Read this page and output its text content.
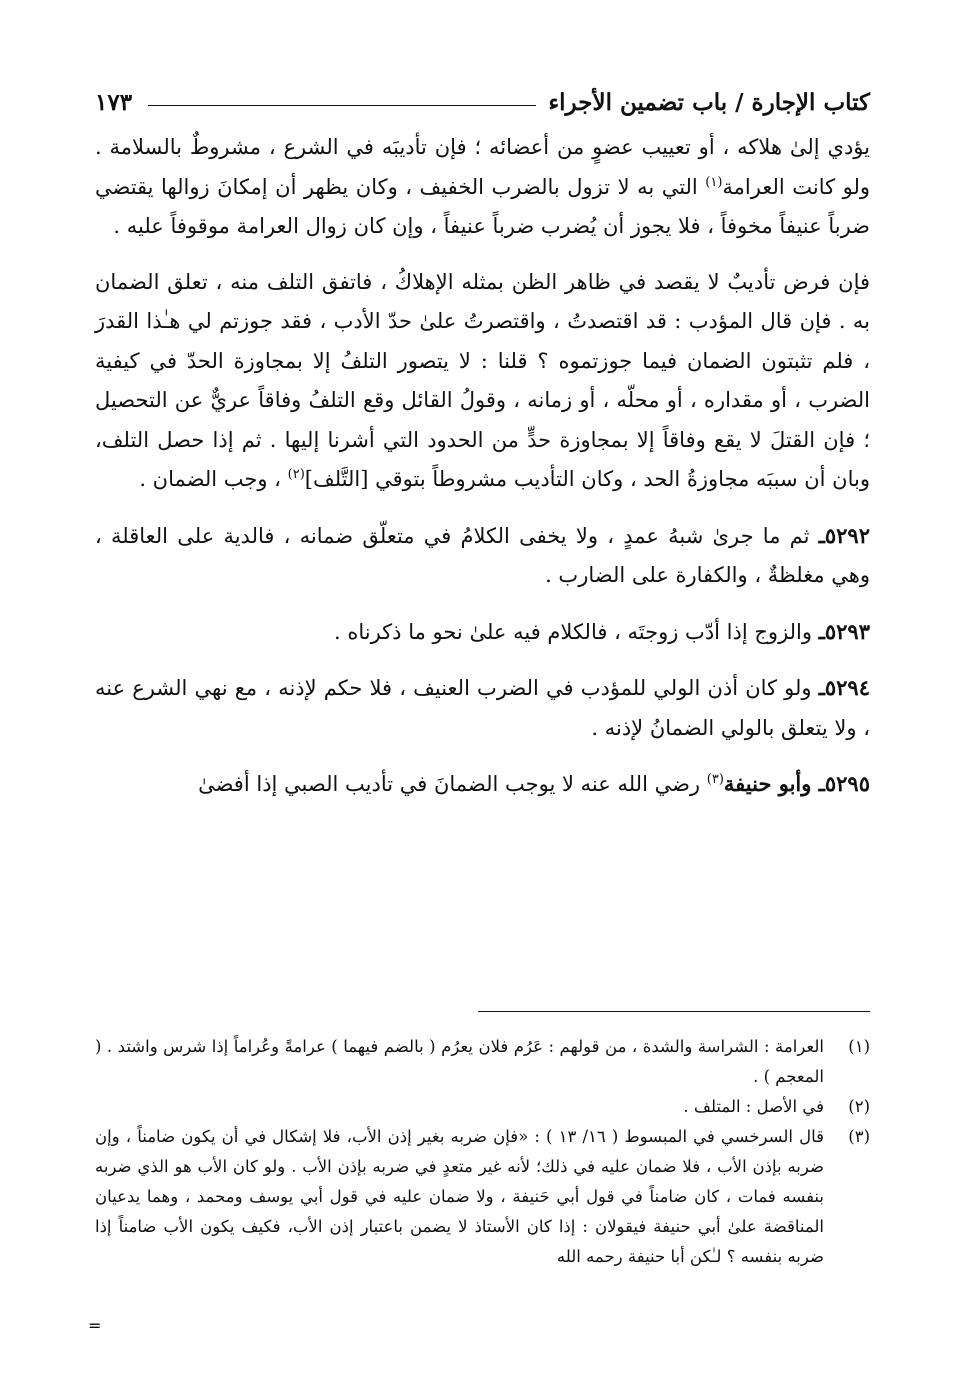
كتاب الإجارة / باب تضمين الأجراء
١٧٣

يؤدي إلىٰ هلاكه ، أو تعييب عضوٍ من أعضائه ؛ فإن تأديبَه في الشرع ، مشروطٌ بالسلامة . ولو كانت العرامة$^{(١)}$ التي به لا تزول بالضرب الخفيف ، وكان يظهر أن إمكانَ زوالها يقتضي ضرباً عنيفاً مخوفاً ، فلا يجوز أن يُضرب ضرباً عنيفاً ، وإن كان زوال العرامة موقوفاً عليه .

فإن فرض تأديبٌ لا يقصد في ظاهر الظن بمثله الإهلاكُ ، فاتفق التلف منه ، تعلق الضمان به . فإن قال المؤدب : قد اقتصدتُ ، واقتصرتُ علىٰ حدّ الأدب ، فقد جوزتم لي هـٰذا القدرَ ، فلم تثبتون الضمان فيما جوزتموه ؟ قلنا : لا يتصور التلفُ إلا بمجاوزة الحدّ في كيفية الضرب ، أو مقداره ، أو محلّه ، أو زمانه ، وقولُ القائل وقع التلفُ وفاقاً عريٌّ عن التحصيل ؛ فإن القتلَ لا يقع وفاقاً إلا بمجاوزة حدٍّ من الحدود التي أشرنا إليها . ثم إذا حصل التلف، وبان أن سببَه مجاوزةُ الحد ، وكان التأديب مشروطاً بتوقي [التَّلف]$^{(٢)}$ ، وجب الضمان .

٥٢٩٢ـ ثم ما جرىٰ شبهُ عمدٍ ، ولا يخفى الكلامُ في متعلّق ضمانه ، فالدية على العاقلة ، وهي مغلظةٌ ، والكفارة على الضارب .

٥٢٩٣ـ والزوج إذا أدّب زوجتَه ، فالكلام فيه علىٰ نحو ما ذكرناه .

٥٢٩٤ـ ولو كان أذن الولي للمؤدب في الضرب العنيف ، فلا حكم لإذنه ، مع نهي الشرع عنه ، ولا يتعلق بالولي الضمانُ لإذنه .

٥٢٩٥ـ وأبو حنيفة$^{(٣)}$ رضي الله عنه لا يوجب الضمانَ في تأديب الصبي إذا أفضىٰ

(١)
العرامة : الشراسة والشدة ، من قولهم : عَرُم فلان يعرُم ( بالضم فيهما ) عرامةً وعُراماً إذا شرس واشتد . ( المعجم ) .
(٢)
في الأصل : المتلف .
(٣)
قال السرخسي في المبسوط ( ١٦/ ١٣ ) : «فإن ضربه بغير إذن الأب، فلا إشكال في أن يكون ضامناً ، وإن ضربه بإذن الأب ، فلا ضمان عليه في ذلك؛ لأنه غير متعدٍ في ضربه بإذن الأب . ولو كان الأب هو الذي ضربه بنفسه فمات ، كان ضامناً في قول أبي حَنيفة ، ولا ضمان عليه في قول أبي يوسف ومحمد ، وهما يدعيان المناقضة علىٰ أبي حنيفة فيقولان : إذا كان الأستاذ لا يضمن باعتبار إذن الأب، فكيف يكون الأب ضامناً إذا ضربه بنفسه ؟ لـٰكن أبا حنيفة رحمه الله
=
